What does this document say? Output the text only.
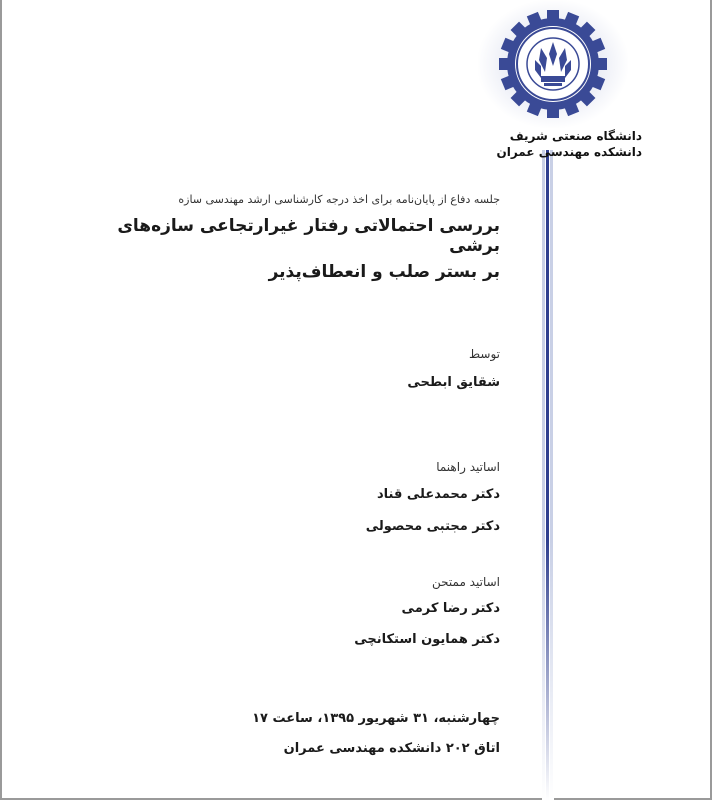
دانشگاه صنعتی شریف
دانشکده مهندسی عمران
جلسه دفاع از پایان‌نامه برای اخذ درجه کارشناسی ارشد مهندسی سازه
بررسی احتمالاتی رفتار غیرارتجاعی سازه‌های برشی
بر بستر صلب و انعطاف‌پذیر
توسط
شقایق ابطحی
اساتید راهنما
دکتر محمدعلی قناد
دکتر مجتبی محصولی
اساتید ممتحن
دکتر رضا کرمی
دکتر همایون استکانچی
چهارشنبه، ۳۱ شهریور ۱۳۹۵، ساعت ۱۷
اتاق ۲۰۲ دانشکده مهندسی عمران
